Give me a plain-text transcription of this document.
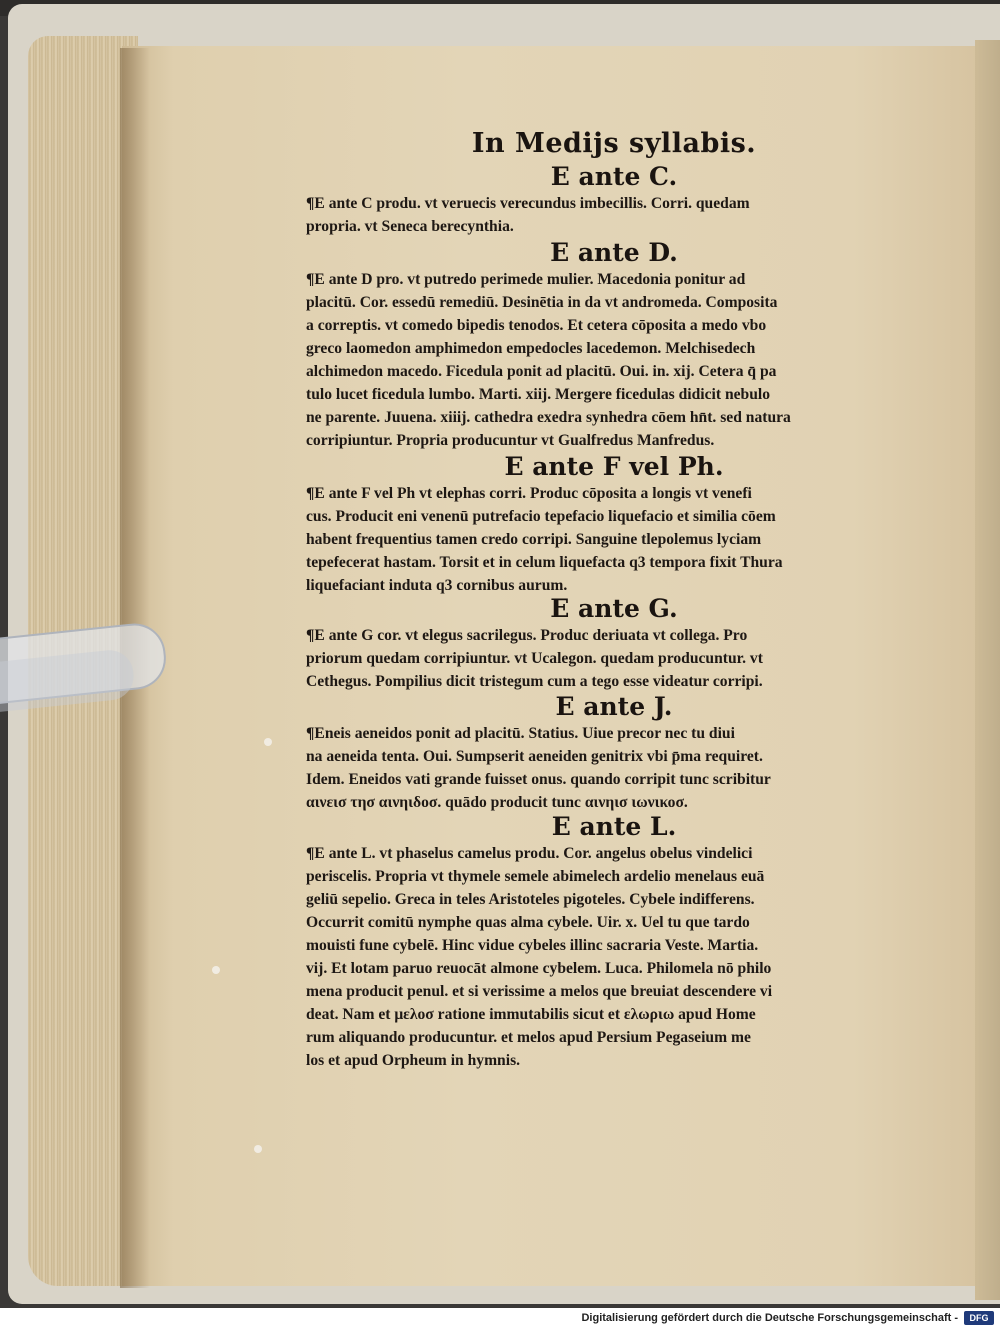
In Medijs syllabis.
E ante C.
¶E ante C produ. vt veruecis verecundus imbecillis. Corri. quedam
propria. vt Seneca berecynthia.
E ante D.
¶E ante D pro. vt putredo perimede mulier. Macedonia ponitur ad
placitū. Cor. essedū remediū. Desinētia in da vt andromeda. Composita
a correptis. vt comedo bipedis tenodos. Et cetera cōposita a medo vbo
greco laomedon amphimedon empedocles lacedemon. Melchisedech
alchimedon macedo. Ficedula ponit ad placitū. Oui. in. xij. Cetera q̄ pa
tulo lucet ficedula lumbo. Marti. xiij. Mergere ficedulas didicit nebulo
ne parente. Juuena. xiiij. cathedra exedra synhedra cōem hn̄t. sed natura
corripiuntur. Propria producuntur vt Gualfredus Manfredus.
E ante F vel Ph.
¶E ante F vel Ph vt elephas corri. Produc cōposita a longis vt venefi
cus. Producit eni venenū putrefacio tepefacio liquefacio et similia cōem
habent frequentius tamen credo corripi. Sanguine tlepolemus lyciam
tepefecerat hastam. Torsit et in celum liquefacta q3 tempora fixit Thura
liquefaciant induta q3 cornibus aurum.
E ante G.
¶E ante G cor. vt elegus sacrilegus. Produc deriuata vt collega. Pro
priorum quedam corripiuntur. vt Ucalegon. quedam producuntur. vt
Cethegus. Pompilius dicit tristegum cum a tego esse videatur corripi.
E ante J.
¶Eneis aeneidos ponit ad placitū. Statius. Uiue precor nec tu diui
na aeneida tenta. Oui. Sumpserit aeneiden genitrix vbi p̄ma requiret.
Idem. Eneidos vati grande fuisset onus. quando corripit tunc scribitur
αινεισ τησ αινηιδοσ. quādo producit tunc αινηισ ιωνικοσ.
E ante L.
¶E ante L. vt phaselus camelus produ. Cor. angelus obelus vindelici
periscelis. Propria vt thymele semele abimelech ardelio menelaus euā
geliū sepelio. Greca in teles Aristoteles pigoteles. Cybele indifferens.
Occurrit comitū nymphe quas alma cybele. Uir. x. Uel tu que tardo
mouisti fune cybelē. Hinc vidue cybeles illinc sacraria Veste. Martia.
vij. Et lotam paruo reuocāt almone cybelem. Luca. Philomela nō philo
mena producit penul. et si verissime a melos que breuiat descendere vi
deat. Nam et μελοσ ratione immutabilis sicut et ελωριω apud Home
rum aliquando producuntur. et melos apud Persium Pegaseium me
los et apud Orpheum in hymnis.
Digitalisierung gefördert durch die Deutsche Forschungsgemeinschaft -	DFG
